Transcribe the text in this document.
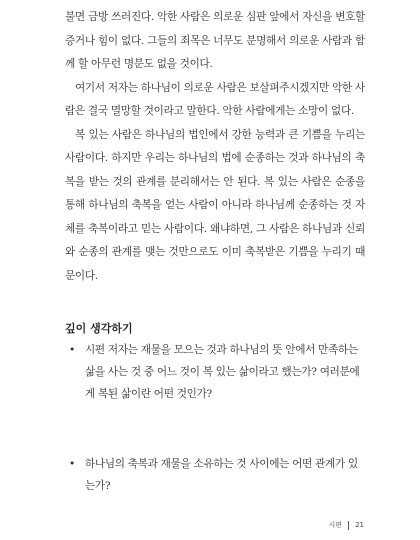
불면 금방 쓰러진다. 악한 사람은 의로운 심판 앞에서 자신을 변호할 증거나 힘이 없다. 그들의 죄목은 너무도 분명해서 의로운 사람과 함께 할 아무런 명분도 없을 것이다.

여기서 저자는 하나님이 의로운 사람은 보살펴주시겠지만 악한 사람은 결국 멸망할 것이라고 말한다. 악한 사람에게는 소망이 없다.

복 있는 사람은 하나님의 법인에서 강한 능력과 큰 기쁨을 누리는 사람이다. 하지만 우리는 하나님의 법에 순종하는 것과 하나님의 축복을 받는 것의 관계를 분리해서는 안 된다. 복 있는 사람은 순종을 통해 하나님의 축복을 얻는 사람이 아니라 하나님께 순종하는 것 자체를 축복이라고 믿는 사람이다. 왜냐하면, 그 사람은 하나님과 신뢰와 순종의 관계를 맺는 것만으로도 이미 축복받은 기쁨을 누리기 때문이다.

깊이 생각하기
• 시편 저자는 재물을 모으는 것과 하나님의 뜻 안에서 만족하는 삶을 사는 것 중 어느 것이 복 있는 삶이라고 했는가? 여러분에게 복된 삶이란 어떤 것인가?
• 하나님의 축복과 재물을 소유하는 것 사이에는 어떤 관계가 있는가?
시편 21
